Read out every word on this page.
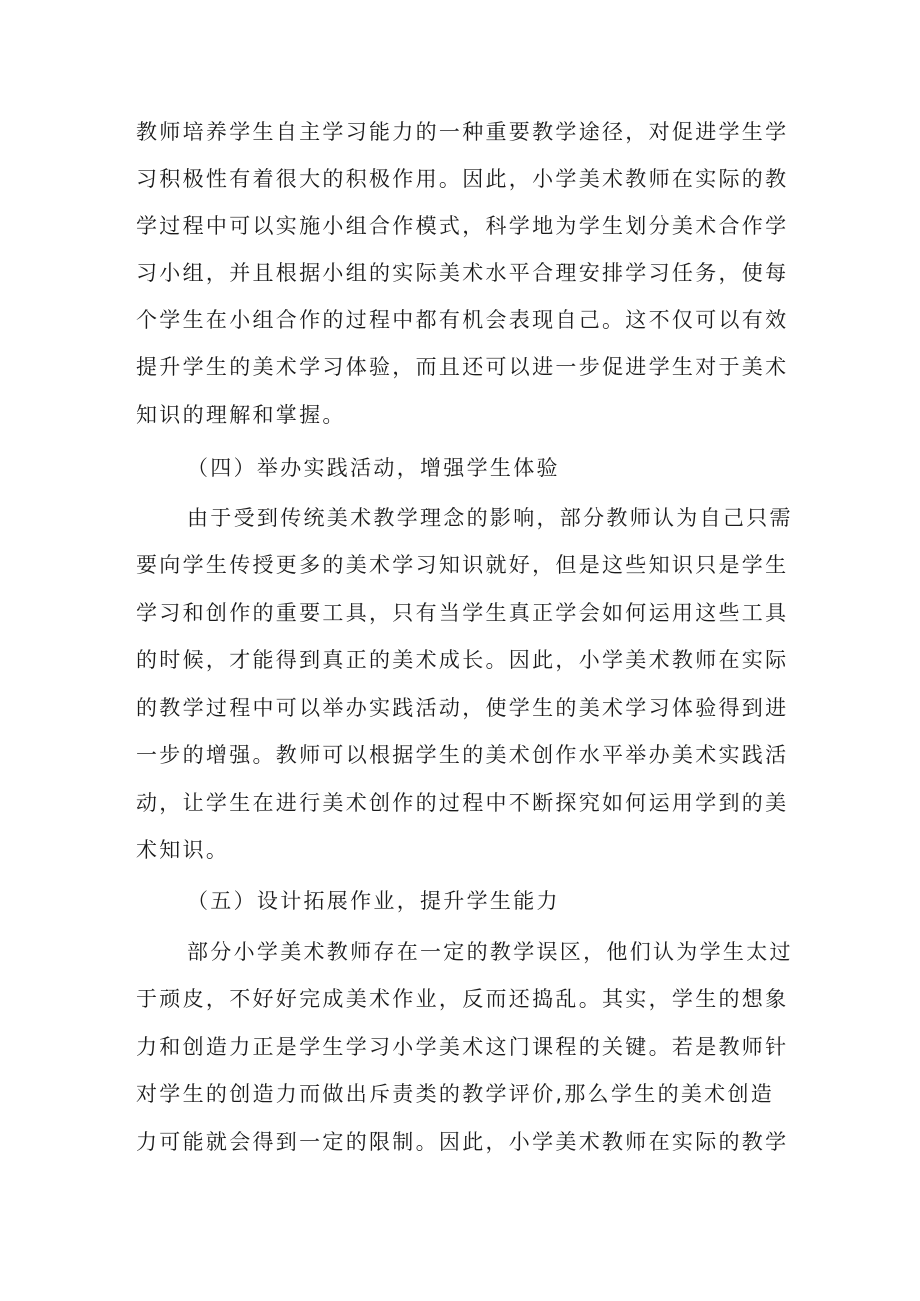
教师培养学生自主学习能力的一种重要教学途径，对促进学生学
习积极性有着很大的积极作用。因此，小学美术教师在实际的教
学过程中可以实施小组合作模式，科学地为学生划分美术合作学
习小组，并且根据小组的实际美术水平合理安排学习任务，使每
个学生在小组合作的过程中都有机会表现自己。这不仅可以有效
提升学生的美术学习体验，而且还可以进一步促进学生对于美术
知识的理解和掌握。
（四）举办实践活动，增强学生体验
由于受到传统美术教学理念的影响，部分教师认为自己只需
要向学生传授更多的美术学习知识就好，但是这些知识只是学生
学习和创作的重要工具，只有当学生真正学会如何运用这些工具
的时候，才能得到真正的美术成长。因此，小学美术教师在实际
的教学过程中可以举办实践活动，使学生的美术学习体验得到进
一步的增强。教师可以根据学生的美术创作水平举办美术实践活
动，让学生在进行美术创作的过程中不断探究如何运用学到的美
术知识。
（五）设计拓展作业，提升学生能力
部分小学美术教师存在一定的教学误区，他们认为学生太过
于顽皮，不好好完成美术作业，反而还捣乱。其实，学生的想象
力和创造力正是学生学习小学美术这门课程的关键。若是教师针
对学生的创造力而做出斥责类的教学评价,那么学生的美术创造
力可能就会得到一定的限制。因此，小学美术教师在实际的教学
